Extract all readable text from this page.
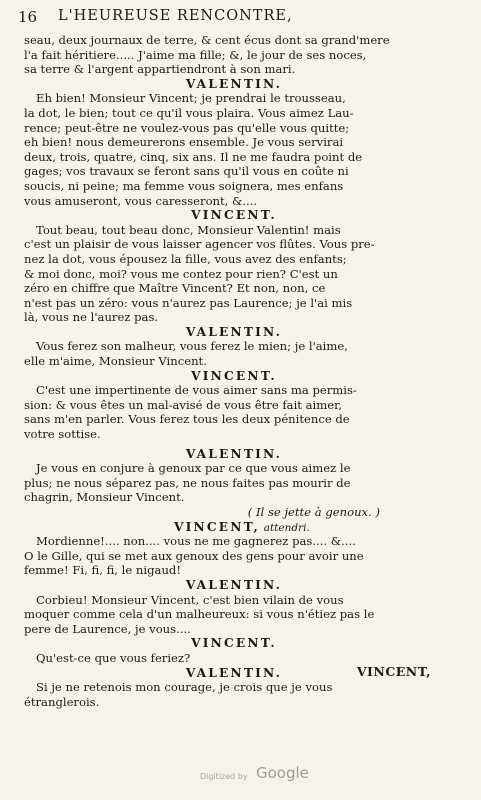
16 L'HEUREUSE RENCONTRE,
seau, deux journaux de terre, & cent écus dont sa grand'mere
l'a fait héritiere..... J'aime ma fille; &, le jour de ses noces,
sa terre & l'argent appartiendront à son mari.
VALENTIN.
Eh bien! Monsieur Vincent; je prendrai le trousseau,
la dot, le bien; tout ce qu'il vous plaira. Vous aimez Lau-
rence; peut-être ne voulez-vous pas qu'elle vous quitte;
eh bien! nous demeurerons ensemble. Je vous servirai
deux, trois, quatre, cinq, six ans. Il ne me faudra point de
gages; vos travaux se feront sans qu'il vous en coûte ni
soucis, ni peine; ma femme vous soignera, mes enfans
vous amuseront, vous caresseront, &....
VINCENT.
Tout beau, tout beau donc, Monsieur Valentin! mais
c'est un plaisir de vous laisser agencer vos flûtes. Vous pre-
nez la dot, vous épousez la fille, vous avez des enfants;
& moi donc, moi? vous me contez pour rien? C'est un
zéro en chiffre que Maître Vincent? Et non, non, ce
n'est pas un zéro: vous n'aurez pas Laurence; je l'ai mis
là, vous ne l'aurez pas.
VALENTIN.
Vous ferez son malheur, vous ferez le mien; je l'aime,
elle m'aime, Monsieur Vincent.
VINCENT.
C'est une impertinente de vous aimer sans ma permis-
sion: & vous êtes un mal-avisé de vous être fait aimer,
sans m'en parler. Vous ferez tous les deux pénitence de
votre sottise.
VALENTIN.
Je vous en conjure à genoux par ce que vous aimez le
plus; ne nous séparez pas, ne nous faites pas mourir de
chagrin, Monsieur Vincent.
( Il se jette à genoux. )
VINCENT, attendri.
Mordienne!.... non.... vous ne me gagnerez pas.... &....
O le Gille, qui se met aux genoux des gens pour avoir une
femme! Fi, fi, fi, le nigaud!
VALENTIN.
Corbieu! Monsieur Vincent, c'est bien vilain de vous
moquer comme cela d'un malheureux: si vous n'étiez pas le
pere de Laurence, je vous....
VINCENT.
Qu'est-ce que vous feriez?
VALENTIN.
Si je ne retenois mon courage, je crois que je vous
étranglerois.
VINCENT,
Digitized by Google
